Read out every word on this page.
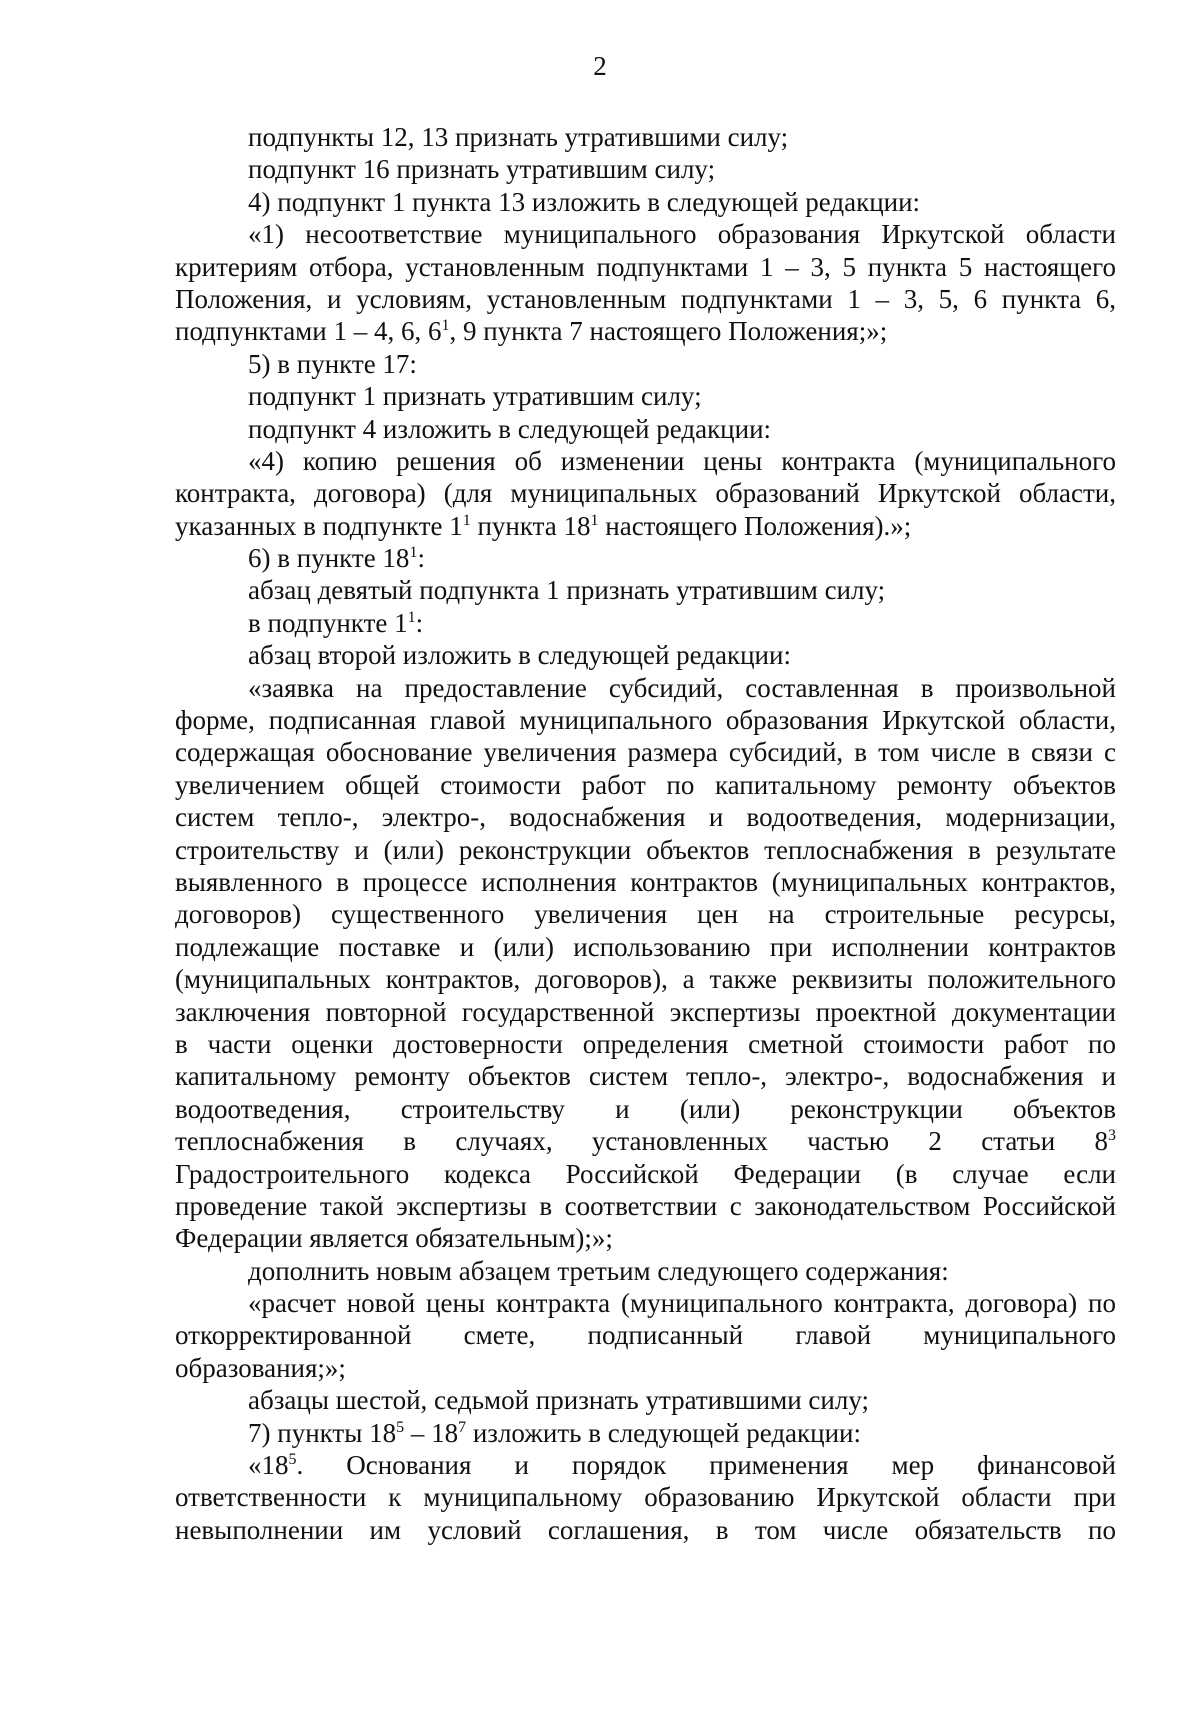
2
подпункты 12, 13 признать утратившими силу;
подпункт 16 признать утратившим силу;
4) подпункт 1 пункта 13 изложить в следующей редакции:
«1) несоответствие муниципального образования Иркутской области
критериям отбора, установленным подпунктами 1 – 3, 5 пункта 5 настоящего
Положения, и условиям, установленным подпунктами 1 – 3, 5, 6 пункта 6,
подпунктами 1 – 4, 6, $6^1$, 9 пункта 7 настоящего Положения;»;
5) в пункте 17:
подпункт 1 признать утратившим силу;
подпункт 4 изложить в следующей редакции:
«4) копию решения об изменении цены контракта (муниципального
контракта, договора) (для муниципальных образований Иркутской области,
указанных в подпункте $1^1$ пункта $18^1$ настоящего Положения).»;
6) в пункте $18^1$:
абзац девятый подпункта 1 признать утратившим силу;
в подпункте $1^1$:
абзац второй изложить в следующей редакции:
«заявка на предоставление субсидий, составленная в произвольной
форме, подписанная главой муниципального образования Иркутской области,
содержащая обоснование увеличения размера субсидий, в том числе в связи с
увеличением общей стоимости работ по капитальному ремонту объектов
систем тепло-, электро-, водоснабжения и водоотведения, модернизации,
строительству и (или) реконструкции объектов теплоснабжения в результате
выявленного в процессе исполнения контрактов (муниципальных контрактов,
договоров) существенного увеличения цен на строительные ресурсы,
подлежащие поставке и (или) использованию при исполнении контрактов
(муниципальных контрактов, договоров), а также реквизиты положительного
заключения повторной государственной экспертизы проектной документации
в части оценки достоверности определения сметной стоимости работ по
капитальному ремонту объектов систем тепло-, электро-, водоснабжения и
водоотведения, строительству и (или) реконструкции объектов
теплоснабжения в случаях, установленных частью 2 статьи $8^3$
Градостроительного кодекса Российской Федерации (в случае если
проведение такой экспертизы в соответствии с законодательством Российской
Федерации является обязательным);»;
дополнить новым абзацем третьим следующего содержания:
«расчет новой цены контракта (муниципального контракта, договора) по
откорректированной смете, подписанный главой муниципального
образования;»;
абзацы шестой, седьмой признать утратившими силу;
7) пункты $18^5 - 18^7$ изложить в следующей редакции:
«$18^5$. Основания и порядок применения мер финансовой
ответственности к муниципальному образованию Иркутской области при
невыполнении им условий соглашения, в том числе обязательств по
